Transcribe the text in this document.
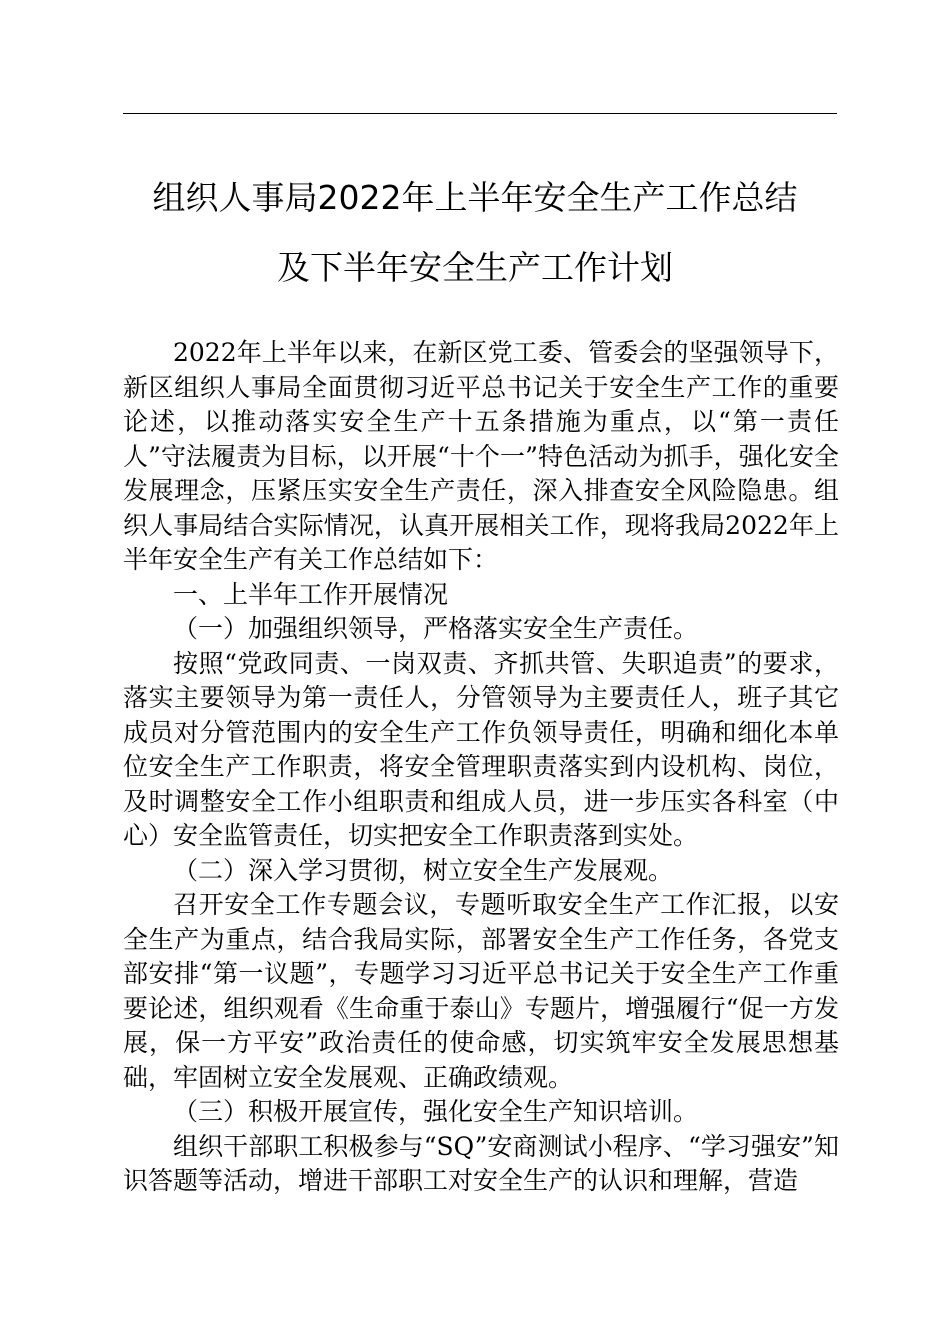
组织人事局2022年上半年安全生产工作总结
及下半年安全生产工作计划

2022年上半年以来，在新区党工委、管委会的坚强领导下，新区组织人事局全面贯彻习近平总书记关于安全生产工作的重要论述，以推动落实安全生产十五条措施为重点，以“第一责任人”守法履责为目标，以开展“十个一”特色活动为抓手，强化安全发展理念，压紧压实安全生产责任，深入排查安全风险隐患。组织人事局结合实际情况，认真开展相关工作，现将我局2022年上半年安全生产有关工作总结如下：

一、上半年工作开展情况

（一）加强组织领导，严格落实安全生产责任。

按照“党政同责、一岗双责、齐抓共管、失职追责”的要求，落实主要领导为第一责任人，分管领导为主要责任人，班子其它成员对分管范围内的安全生产工作负领导责任，明确和细化本单位安全生产工作职责，将安全管理职责落实到内设机构、岗位，及时调整安全工作小组职责和组成人员，进一步压实各科室（中心）安全监管责任，切实把安全工作职责落到实处。

（二）深入学习贯彻，树立安全生产发展观。

召开安全工作专题会议，专题听取安全生产工作汇报，以安全生产为重点，结合我局实际，部署安全生产工作任务，各党支部安排“第一议题”，专题学习习近平总书记关于安全生产工作重要论述，组织观看《生命重于泰山》专题片，增强履行“促一方发展，保一方平安”政治责任的使命感，切实筑牢安全发展思想基础，牢固树立安全发展观、正确政绩观。

（三）积极开展宣传，强化安全生产知识培训。

组织干部职工积极参与“SQ”安商测试小程序、“学习强安”知识答题等活动，增进干部职工对安全生产的认识和理解，营造
